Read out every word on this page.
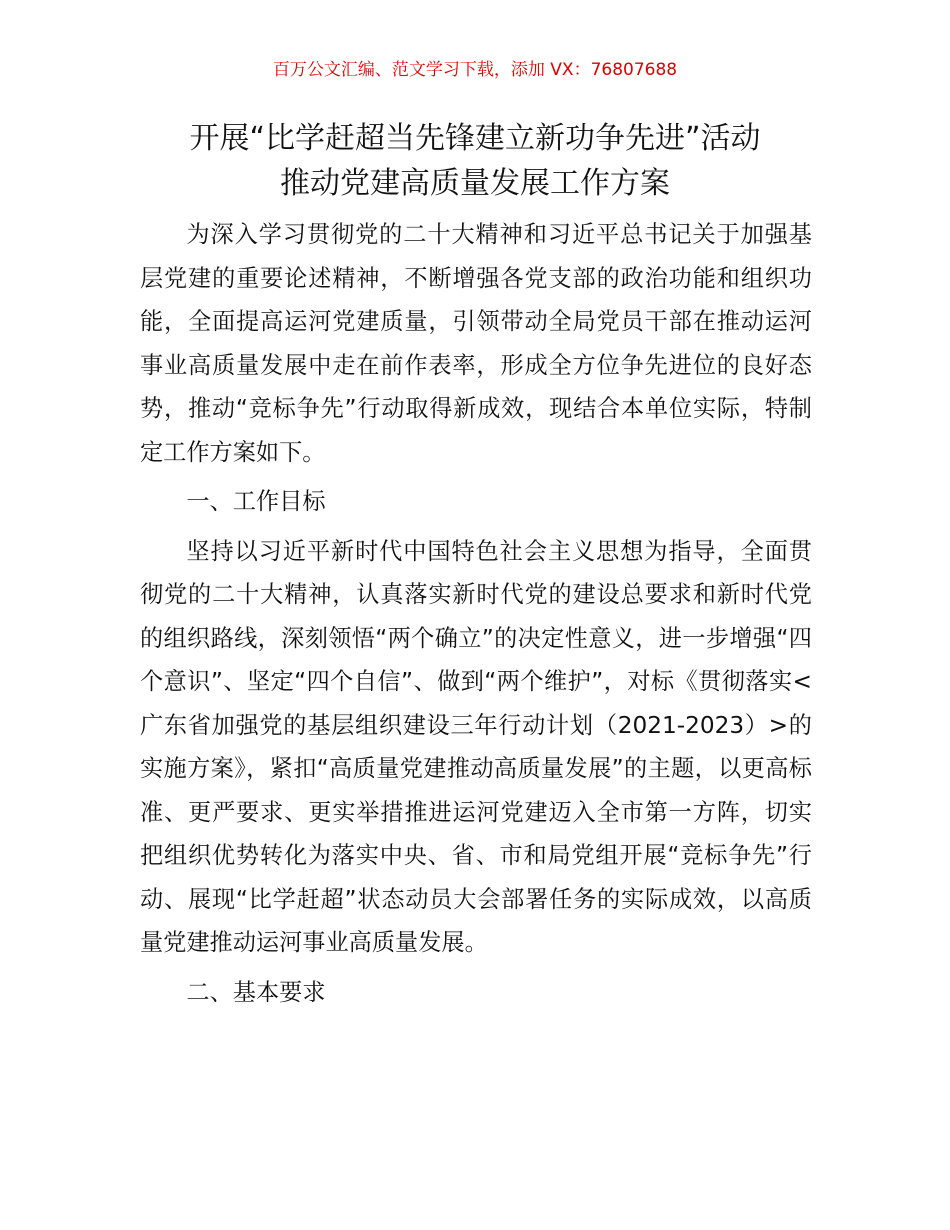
百万公文汇编、范文学习下载，添加 VX：76807688
开展“比学赶超当先锋建立新功争先进”活动
推动党建高质量发展工作方案

为深入学习贯彻党的二十大精神和习近平总书记关于加强基层党建的重要论述精神，不断增强各党支部的政治功能和组织功能，全面提高运河党建质量，引领带动全局党员干部在推动运河事业高质量发展中走在前作表率，形成全方位争先进位的良好态势，推动“竞标争先”行动取得新成效，现结合本单位实际，特制定工作方案如下。

一、工作目标

坚持以习近平新时代中国特色社会主义思想为指导，全面贯彻党的二十大精神，认真落实新时代党的建设总要求和新时代党的组织路线，深刻领悟“两个确立”的决定性意义，进一步增强“四个意识”、坚定“四个自信”、做到“两个维护”，对标《贯彻落实<广东省加强党的基层组织建设三年行动计划（2021-2023）>的实施方案》，紧扣“高质量党建推动高质量发展”的主题，以更高标准、更严要求、更实举措推进运河党建迈入全市第一方阵，切实把组织优势转化为落实中央、省、市和局党组开展“竞标争先”行动、展现“比学赶超”状态动员大会部署任务的实际成效，以高质量党建推动运河事业高质量发展。

二、基本要求
